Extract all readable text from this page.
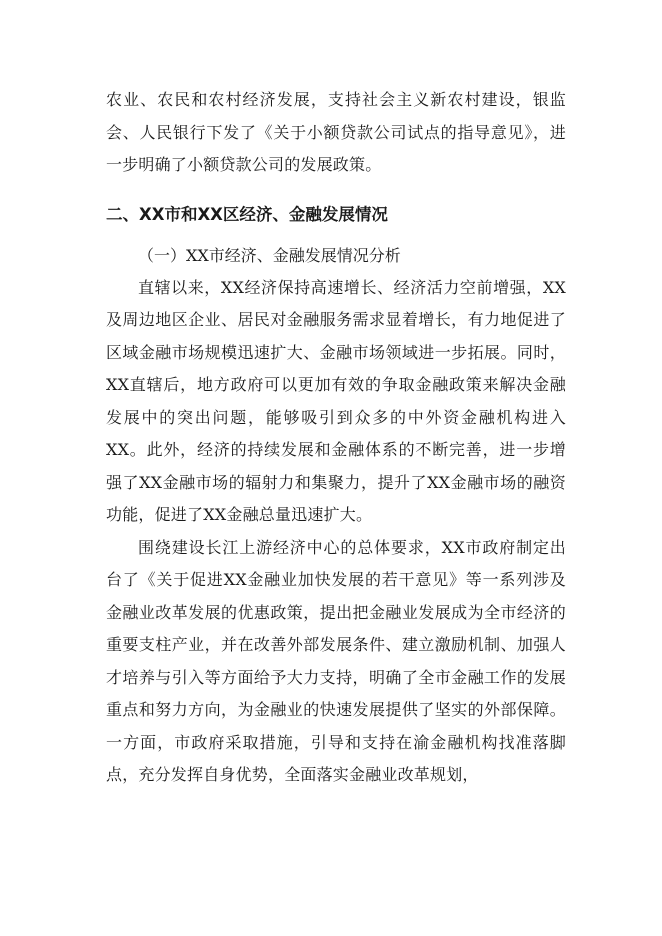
农业、农民和农村经济发展，支持社会主义新农村建设，银监会、人民银行下发了《关于小额贷款公司试点的指导意见》，进一步明确了小额贷款公司的发展政策。

二、XX市和XX区经济、金融发展情况
（一）XX市经济、金融发展情况分析

直辖以来，XX经济保持高速增长、经济活力空前增强，XX及周边地区企业、居民对金融服务需求显着增长，有力地促进了区域金融市场规模迅速扩大、金融市场领域进一步拓展。同时，XX直辖后，地方政府可以更加有效的争取金融政策来解决金融发展中的突出问题，能够吸引到众多的中外资金融机构进入XX。此外，经济的持续发展和金融体系的不断完善，进一步增强了XX金融市场的辐射力和集聚力，提升了XX金融市场的融资功能，促进了XX金融总量迅速扩大。

围绕建设长江上游经济中心的总体要求，XX市政府制定出台了《关于促进XX金融业加快发展的若干意见》等一系列涉及金融业改革发展的优惠政策，提出把金融业发展成为全市经济的重要支柱产业，并在改善外部发展条件、建立激励机制、加强人才培养与引入等方面给予大力支持，明确了全市金融工作的发展重点和努力方向，为金融业的快速发展提供了坚实的外部保障。一方面，市政府采取措施，引导和支持在渝金融机构找准落脚点，充分发挥自身优势，全面落实金融业改革规划，
